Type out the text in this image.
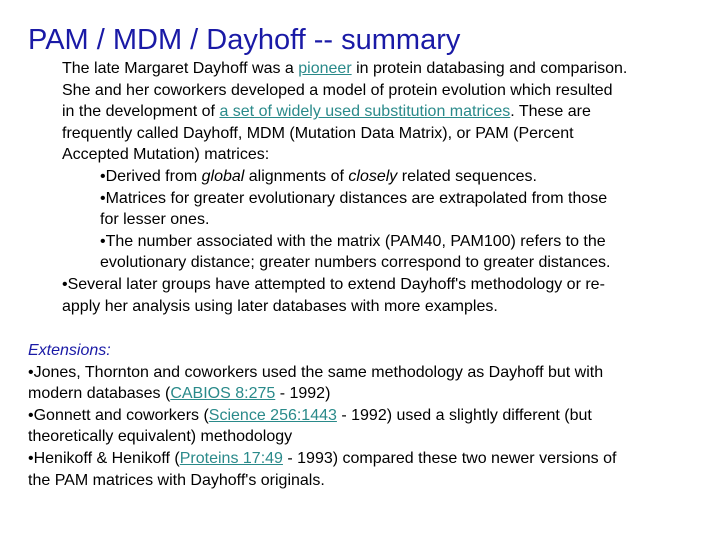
PAM / MDM / Dayhoff -- summary
The late Margaret Dayhoff was a pioneer in protein databasing and comparison.
She and her coworkers developed a model of protein evolution which resulted
in the development of a set of widely used substitution matrices. These are
frequently called Dayhoff, MDM (Mutation Data Matrix), or PAM (Percent
Accepted Mutation) matrices:
•Derived from global alignments of closely related sequences.
•Matrices for greater evolutionary distances are extrapolated from those
for lesser ones.
•The number associated with the matrix (PAM40, PAM100) refers to the
evolutionary distance; greater numbers correspond to greater distances.
•Several later groups have attempted to extend Dayhoff's methodology or re-
apply her analysis using later databases with more examples.
Extensions:
•Jones, Thornton and coworkers used the same methodology as Dayhoff but with
modern databases (CABIOS 8:275 - 1992)
•Gonnett and coworkers (Science 256:1443 - 1992) used a slightly different (but
theoretically equivalent) methodology
•Henikoff & Henikoff (Proteins 17:49 - 1993) compared these two newer versions of
the PAM matrices with Dayhoff's originals.
